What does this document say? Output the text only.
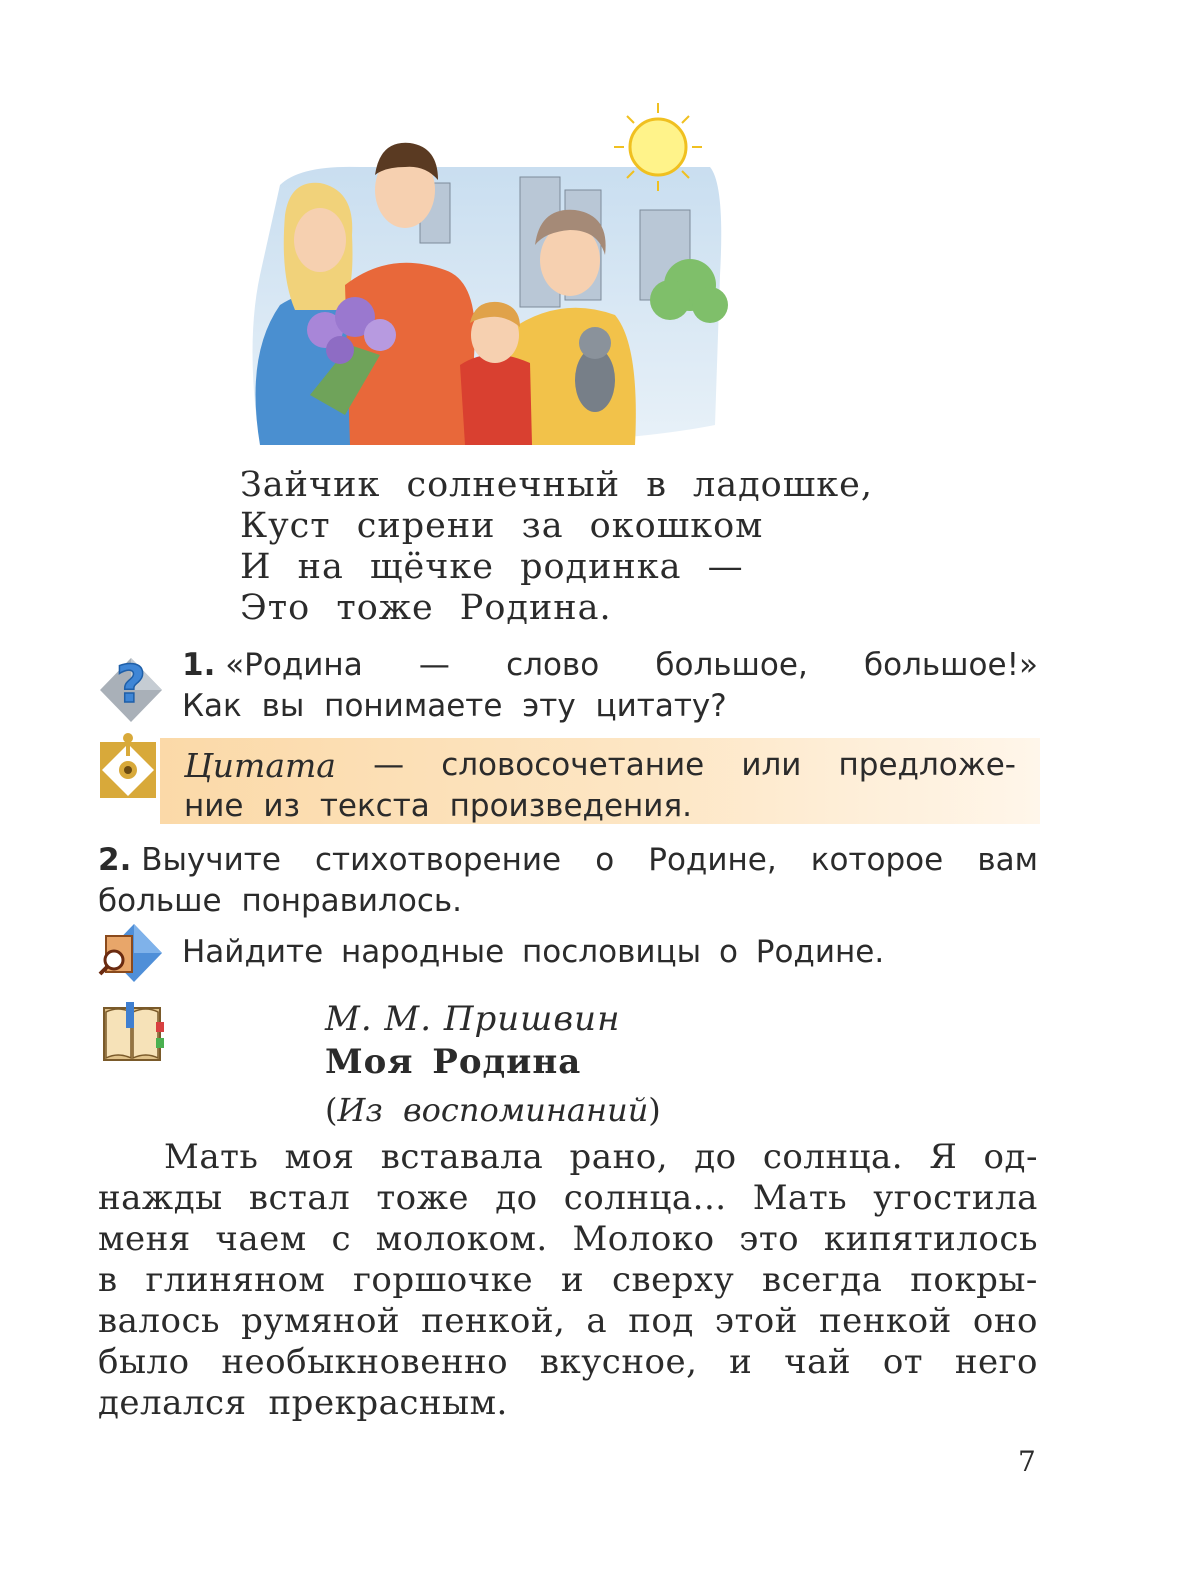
Зайчик солнечный в ладошке,
Куст сирени за окошком
И на щёчке родинка —
Это тоже Родина.
? 1. «Родина — слово большое, большое!»
Как вы понимаете эту цитату?
Цитата — словосочетание или предложе-
ние из текста произведения.
2. Выучите стихотворение о Родине, которое вам
больше понравилось.
Найдите народные пословицы о Родине.
М. М. Пришвин
Моя Родина
(Из воспоминаний)
Мать моя вставала рано, до солнца. Я од-
нажды встал тоже до солнца... Мать угостила
меня чаем с молоком. Молоко это кипятилось
в глиняном горшочке и сверху всегда покры-
валось румяной пенкой, а под этой пенкой оно
было необыкновенно вкусное, и чай от него
делался прекрасным.
7
